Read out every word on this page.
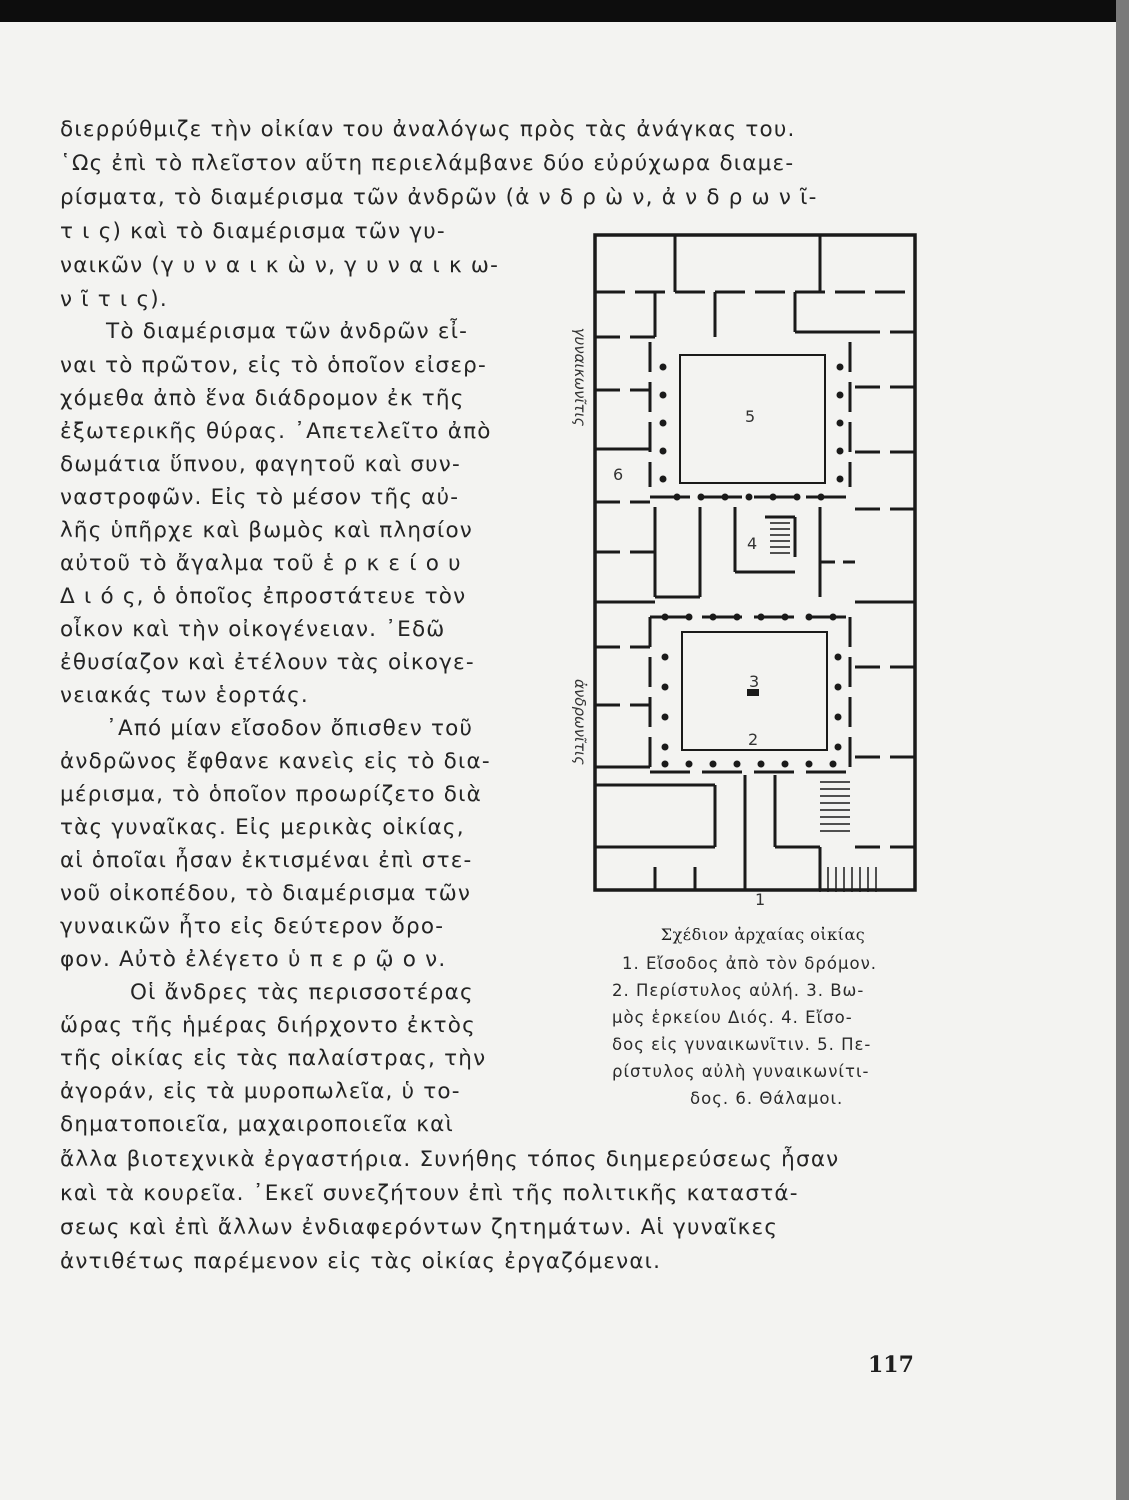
διερρύθμιζε τὴν οἰκίαν του ἀναλόγως πρὸς τὰς ἀνάγκας του.
῾Ως ἐπὶ τὸ πλεῖστον αὕτη περιελάμβανε δύο εὐρύχωρα διαμε-
ρίσματα, τὸ διαμέρισμα τῶν ἀνδρῶν (ἀ ν δ ρ ὼ ν, ἀ ν δ ρ ω ν ῖ-
τ ι ς) καὶ τὸ διαμέρισμα τῶν γυ-
ναικῶν (γ υ ν α ι κ ὼ ν, γ υ ν α ι κ ω-
ν ῖ τ ι ς).
Τὸ διαμέρισμα τῶν ἀνδρῶν εἶ-
ναι τὸ πρῶτον, εἰς τὸ ὁποῖον εἰσερ-
χόμεθα ἀπὸ ἕνα διάδρομον ἐκ τῆς
ἐξωτερικῆς θύρας. ᾿Απετελεῖτο ἀπὸ
δωμάτια ὕπνου, φαγητοῦ καὶ συν-
ναστροφῶν. Εἰς τὸ μέσον τῆς αὐ-
λῆς ὑπῆρχε καὶ βωμὸς καὶ πλησίον
αὐτοῦ τὸ ἄγαλμα τοῦ ἑ ρ κ ε ί ο υ
Δ ι ό ς, ὁ ὁποῖος ἐπροστάτευε τὸν
οἶκον καὶ τὴν οἰκογένειαν. ᾿Εδῶ
ἐθυσίαζον καὶ ἐτέλουν τὰς οἰκογε-
νειακάς των ἑορτάς.
᾿Από μίαν εἴσοδον ὄπισθεν τοῦ
ἀνδρῶνος ἔφθανε κανεὶς εἰς τὸ δια-
μέρισμα, τὸ ὁποῖον προωρίζετο διὰ
τὰς γυναῖκας. Εἰς μερικὰς οἰκίας,
αἱ ὁποῖαι ἦσαν ἐκτισμέναι ἐπὶ στε-
νοῦ οἰκοπέδου, τὸ διαμέρισμα τῶν
γυναικῶν ἦτο εἰς δεύτερον ὄρο-
φον. Αὐτὸ ἐλέγετο ὑ π ε ρ ῷ ο ν.
Οἱ ἄνδρες τὰς περισσοτέρας
ὥρας τῆς ἡμέρας διήρχοντο ἐκτὸς
τῆς οἰκίας εἰς τὰς παλαίστρας, τὴν
ἀγοράν, εἰς τὰ μυροπωλεῖα, ὑ το-
δηματοποιεῖα, μαχαιροποιεῖα καὶ
ἄλλα βιοτεχνικὰ ἐργαστήρια. Συνήθης τόπος διημερεύσεως ἦσαν
καὶ τὰ κουρεῖα. ᾿Εκεῖ συνεζήτουν ἐπὶ τῆς πολιτικῆς καταστά-
σεως καὶ ἐπὶ ἄλλων ἐνδιαφερόντων ζητημάτων. Αἱ γυναῖκες
ἀντιθέτως παρέμενον εἰς τὰς οἰκίας ἐργαζόμεναι.
5
6
4
3
2
1
γυναικωνῖτις
ἀνδρωνῖτις
Σχέδιον ἀρχαίας οἰκίας
1. Εἴσοδος ἀπὸ τὸν δρόμον.
2. Περίστυλος αὐλή. 3. Βω-
μὸς ἑρκείου Διός. 4. Εἴσο-
δος εἰς γυναικωνῖτιν. 5. Πε-
ρίστυλος αὐλὴ γυναικωνίτι-
δος. 6. Θάλαμοι.
117
